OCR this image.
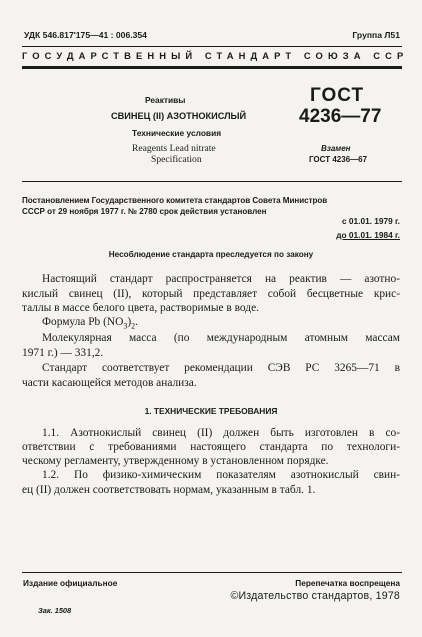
УДК 546.817'175—41 : 006.354	Группа Л51
ГОСУДАРСТВЕННЫЙ СТАНДАРТ СОЮЗА ССР
Реактивы
СВИНЕЦ (II) АЗОТНОКИСЛЫЙ
Технические условия
Reagents Lead nitrate
Specification
ГОСТ
4236—77
Взамен
ГОСТ 4236—67
Постановлением Государственного комитета стандартов Совета Министров
СССР от 29 ноября 1977 г. № 2780 срок действия установлен
с 01.01. 1979 г.
до 01.01. 1984 г.
Несоблюдение стандарта преследуется по закону
Настоящий стандарт распространяется на реактив — азотно-
кислый свинец (II), который представляет собой бесцветные крис-
таллы в массе белого цвета, растворимые в воде.
Формула Pb $(NO_3)_2$.
Молекулярная масса (по международным атомным массам
1971 г.) — 331,2.
Стандарт соответствует рекомендации СЭВ РС 3265—71 в
части касающейся методов анализа.
1. ТЕХНИЧЕСКИЕ ТРЕБОВАНИЯ
1.1. Азотнокислый свинец (II) должен быть изготовлен в со-
ответствии с требованиями настоящего стандарта по технологи-
ческому регламенту, утвержденному в установленном порядке.
1.2. По физико-химическим показателям азотнокислый свин-
ец (II) должен соответствовать нормам, указанным в табл. 1.
Издание официальное	Перепечатка воспрещена
©Издательство стандартов, 1978
Зак. 1508
